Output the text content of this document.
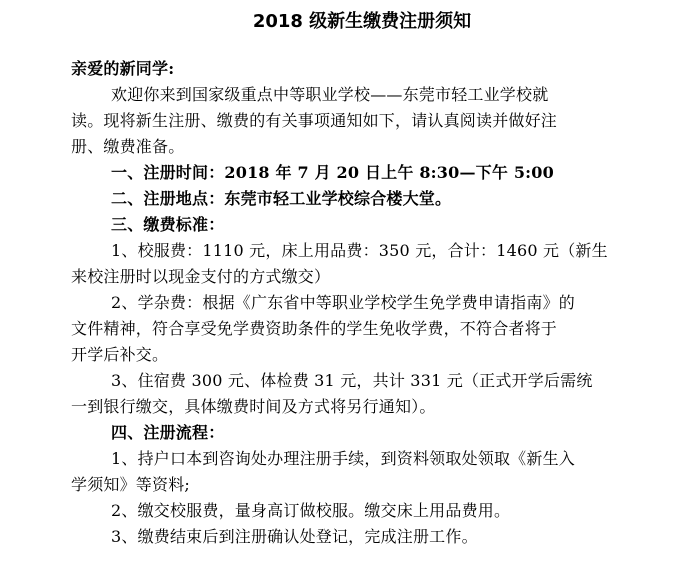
2018 级新生缴费注册须知
亲爱的新同学:
欢迎你来到国家级重点中等职业学校——东莞市轻工业学校就
读。现将新生注册、缴费的有关事项通知如下，请认真阅读并做好注
册、缴费准备。
一、注册时间：2018 年 7 月 20 日上午 8:30—下午 5:00
二、注册地点：东莞市轻工业学校综合楼大堂。
三、缴费标准：
1、校服费：1110 元，床上用品费：350 元，合计：1460 元（新生
来校注册时以现金支付的方式缴交）
2、学杂费：根据《广东省中等职业学校学生免学费申请指南》的
文件精神，符合享受免学费资助条件的学生免收学费，不符合者将于
开学后补交。
3、住宿费 300 元、体检费 31 元，共计 331 元（正式开学后需统
一到银行缴交，具体缴费时间及方式将另行通知）。
四、注册流程：
1、持户口本到咨询处办理注册手续，到资料领取处领取《新生入
学须知》等资料;
2、缴交校服费，量身高订做校服。缴交床上用品费用。
3、缴费结束后到注册确认处登记，完成注册工作。
